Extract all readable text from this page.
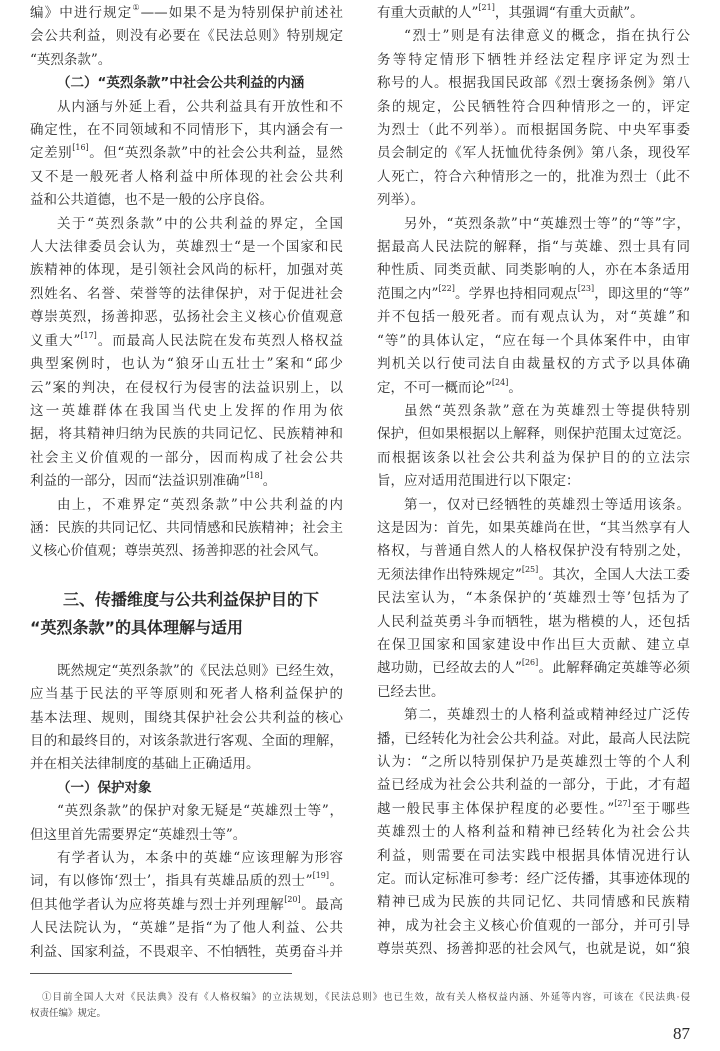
编》中进行规定①——如果不是为特别保护前述社
会公共利益，则没有必要在《民法总则》特别规定
“英烈条款”。
（二）“英烈条款”中社会公共利益的内涵
从内涵与外延上看，公共利益具有开放性和不
确定性，在不同领域和不同情形下，其内涵会有一
定差别[16]。但“英烈条款”中的社会公共利益，显然
又不是一般死者人格利益中所体现的社会公共利
益和公共道德，也不是一般的公序良俗。
关于“英烈条款”中的公共利益的界定，全国
人大法律委员会认为，英雄烈士“是一个国家和民
族精神的体现，是引领社会风尚的标杆，加强对英
烈姓名、名誉、荣誉等的法律保护，对于促进社会
尊崇英烈，扬善抑恶，弘扬社会主义核心价值观意
义重大”[17]。而最高人民法院在发布英烈人格权益
典型案例时，也认为“狼牙山五壮士”案和“邱少
云”案的判决，在侵权行为侵害的法益识别上，以
这一英雄群体在我国当代史上发挥的作用为依
据，将其精神归纳为民族的共同记忆、民族精神和
社会主义价值观的一部分，因而构成了社会公共
利益的一部分，因而“法益识别准确”[18]。
由上，不难界定“英烈条款”中公共利益的内
涵：民族的共同记忆、共同情感和民族精神；社会主
义核心价值观；尊崇英烈、扬善抑恶的社会风气。
三、传播维度与公共利益保护目的下
“英烈条款”的具体理解与适用
既然规定“英烈条款”的《民法总则》已经生效，
应当基于民法的平等原则和死者人格利益保护的
基本法理、规则，围绕其保护社会公共利益的核心
目的和最终目的，对该条款进行客观、全面的理解，
并在相关法律制度的基础上正确适用。
（一）保护对象
“英烈条款”的保护对象无疑是“英雄烈士等”，
但这里首先需要界定“英雄烈士等”。
有学者认为，本条中的英雄“应该理解为形容
词，有以修饰‘烈士’，指具有英雄品质的烈士”[19]。
但其他学者认为应将英雄与烈士并列理解[20]。最高
人民法院认为，“英雄”是指“为了他人利益、公共
利益、国家利益，不畏艰辛、不怕牺牲，英勇奋斗并
有重大贡献的人”[21]，其强调“有重大贡献”。
“烈士”则是有法律意义的概念，指在执行公
务等特定情形下牺牲并经法定程序评定为烈士
称号的人。根据我国民政部《烈士褒扬条例》第八
条的规定，公民牺牲符合四种情形之一的，评定
为烈士（此不列举）。而根据国务院、中央军事委
员会制定的《军人抚恤优待条例》第八条，现役军
人死亡，符合六种情形之一的，批准为烈士（此不
列举）。
另外，“英烈条款”中“英雄烈士等”的“等”字，
据最高人民法院的解释，指“与英雄、烈士具有同
种性质、同类贡献、同类影响的人，亦在本条适用
范围之内”[22]。学界也持相同观点[23]，即这里的“等”
并不包括一般死者。而有观点认为，对“英雄”和
“等”的具体认定，“应在每一个具体案件中，由审
判机关以行使司法自由裁量权的方式予以具体确
定，不可一概而论”[24]。
虽然“英烈条款”意在为英雄烈士等提供特别
保护，但如果根据以上解释，则保护范围太过宽泛。
而根据该条以社会公共利益为保护目的的立法宗
旨，应对适用范围进行以下限定：
第一，仅对已经牺牲的英雄烈士等适用该条。
这是因为：首先，如果英雄尚在世，“其当然享有人
格权，与普通自然人的人格权保护没有特别之处，
无须法律作出特殊规定”[25]。其次，全国人大法工委
民法室认为，“本条保护的‘英雄烈士等’包括为了
人民利益英勇斗争而牺牲，堪为楷模的人，还包括
在保卫国家和国家建设中作出巨大贡献、建立卓
越功勋，已经故去的人”[26]。此解释确定英雄等必须
已经去世。
第二，英雄烈士的人格利益或精神经过广泛传
播，已经转化为社会公共利益。对此，最高人民法院
认为：“之所以特别保护乃是英雄烈士等的个人利
益已经成为社会公共利益的一部分，于此，才有超
越一般民事主体保护程度的必要性。”[27]至于哪些
英雄烈士的人格利益和精神已经转化为社会公共
利益，则需要在司法实践中根据具体情况进行认
定。而认定标准可参考：经广泛传播，其事迹体现的
精神已成为民族的共同记忆、共同情感和民族精
神，成为社会主义核心价值观的一部分，并可引导
尊崇英烈、扬善抑恶的社会风气，也就是说，如“狼
①目前全国人大对《民法典》没有《人格权编》的立法规划，《民法总则》也已生效，故有关人格权益内涵、外延等内容，可该在《民法典·侵
权责任编》规定。
87
